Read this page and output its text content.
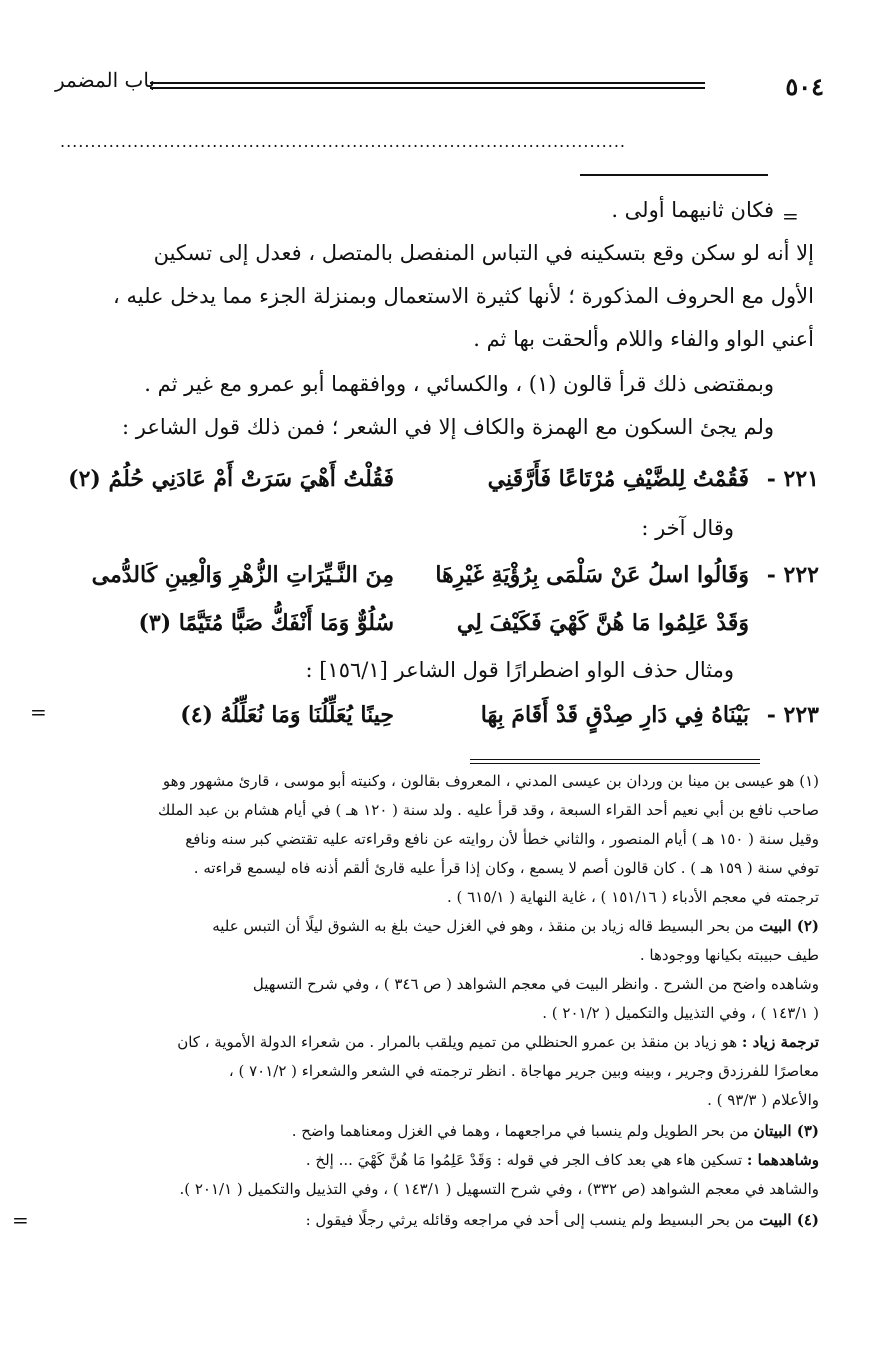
٥٠٤
باب المضمر
.............................................................................................
=
فكان ثانيهما أولى .
إلا أنه لو سكن وقع بتسكينه في التباس المنفصل بالمتصل ، فعدل إلى تسكين
الأول مع الحروف المذكورة ؛ لأنها كثيرة الاستعمال وبمنزلة الجزء مما يدخل عليه ،
أعني الواو والفاء واللام وألحقت بها ثم .
وبمقتضى ذلك قرأ قالون (١) ، والكسائي ، ووافقهما أبو عمرو مع غير ثم .
ولم يجئ السكون مع الهمزة والكاف إلا في الشعر ؛ فمن ذلك قول الشاعر :
٢٢١ -
فَقُمْتُ لِلضَّيْفِ مُرْتَاعًا فَأَرَّقَنِي
فَقُلْتُ أَهْيَ سَرَتْ أَمْ عَادَنِي حُلُمُ (٢)
وقال آخر :
٢٢٢ -
وَقَالُوا اسلُ عَنْ سَلْمَى بِرُؤْيَةِ غَيْرِهَا
مِنَ النَّـيِّرَاتِ الزُّهْرِ وَالْعِينِ كَالدُّمى
وَقَدْ عَلِمُوا مَا هُنَّ كَهْيَ فَكَيْفَ لِي
سُلُوٌّ وَمَا أَنْفَكُّ صَبًّا مُتَيَّمًا (٣)
ومثال حذف الواو اضطرارًا قول الشاعر [١٥٦/١] :
٢٢٣ -
بَيْنَاهُ فِي دَارِ صِدْقٍ قَدْ أَقَامَ بِهَا
حِينًا يُعَلِّلُنَا وَمَا نُعَلِّلُهُ (٤)
=
(١) هو عيسى بن مينا بن وردان بن عيسى المدني ، المعروف بقالون ، وكنيته أبو موسى ، قارئ مشهور وهو
صاحب نافع بن أبي نعيم أحد القراء السبعة ، وقد قرأ عليه . ولد سنة ( ١٢٠ هـ ) في أيام هشام بن عبد الملك
وقيل سنة ( ١٥٠ هـ ) أيام المنصور ، والثاني خطأ لأن روايته عن نافع وقراءته عليه تقتضي كبر سنه ونافع
توفي سنة ( ١٥٩ هـ ) . كان قالون أصم لا يسمع ، وكان إذا قرأ عليه قارئ ألقم أذنه فاه ليسمع قراءته .
ترجمته في معجم الأدباء ( ١٥١/١٦ ) ، غاية النهاية ( ٦١٥/١ ) .
(٢) البيت من بحر البسيط قاله زياد بن منقذ ، وهو في الغزل حيث بلغ به الشوق ليلًا أن التبس عليه
طيف حبيبته بكيانها ووجودها .
وشاهده واضح من الشرح . وانظر البيت في معجم الشواهد ( ص ٣٤٦ ) ، وفي شرح التسهيل
( ١٤٣/١ ) ، وفي التذييل والتكميل ( ٢٠١/٢ ) .
ترجمة زياد : هو زياد بن منقذ بن عمرو الحنظلي من تميم ويلقب بالمرار . من شعراء الدولة الأموية ، كان
معاصرًا للفرزدق وجرير ، وبينه وبين جرير مهاجاة . انظر ترجمته في الشعر والشعراء ( ٧٠١/٢ ) ،
والأعلام ( ٩٣/٣ ) .
(٣) البيتان من بحر الطويل ولم ينسبا في مراجعهما ، وهما في الغزل ومعناهما واضح .
وشاهدهما : تسكين هاء هي بعد كاف الجر في قوله : وَقَدْ عَلِمُوا مَا هُنَّ كَهْيَ ... إلخ .
والشاهد في معجم الشواهد (ص ٣٣٢) ، وفي شرح التسهيل ( ١٤٣/١ ) ، وفي التذييل والتكميل ( ٢٠١/١ ).
(٤) البيت من بحر البسيط ولم ينسب إلى أحد في مراجعه وقائله يرثي رجلًا فيقول :
=
